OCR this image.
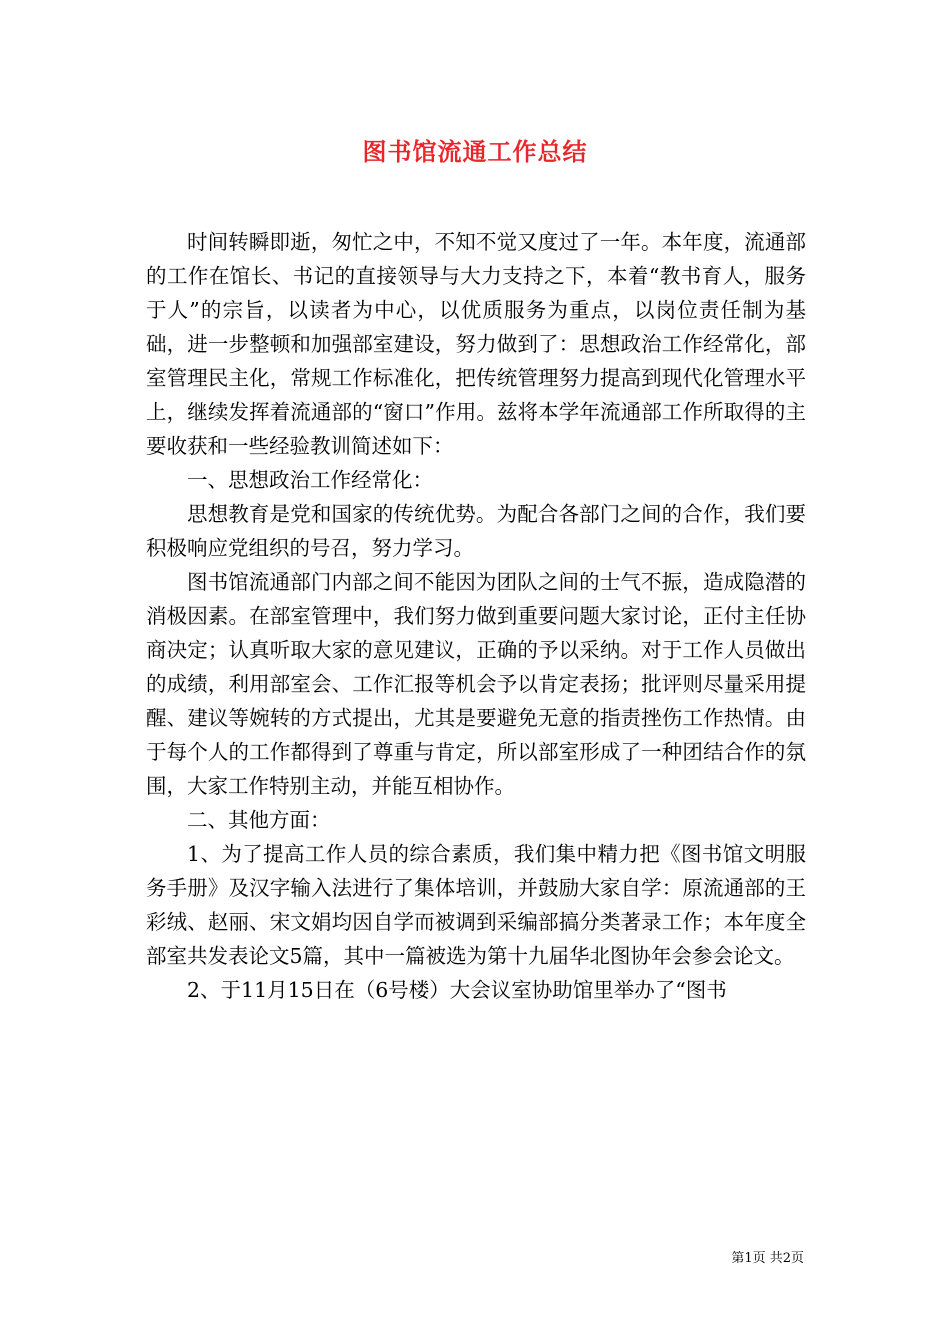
图书馆流通工作总结

时间转瞬即逝，匆忙之中，不知不觉又度过了一年。本年度，流通部的工作在馆长、书记的直接领导与大力支持之下，本着“教书育人，服务于人”的宗旨，以读者为中心，以优质服务为重点，以岗位责任制为基础，进一步整顿和加强部室建设，努力做到了：思想政治工作经常化，部室管理民主化，常规工作标准化，把传统管理努力提高到现代化管理水平上，继续发挥着流通部的“窗口”作用。兹将本学年流通部工作所取得的主要收获和一些经验教训简述如下：

一、思想政治工作经常化：

思想教育是党和国家的传统优势。为配合各部门之间的合作，我们要积极响应党组织的号召，努力学习。

图书馆流通部门内部之间不能因为团队之间的士气不振，造成隐潜的消极因素。在部室管理中，我们努力做到重要问题大家讨论，正付主任协商决定；认真听取大家的意见建议，正确的予以采纳。对于工作人员做出的成绩，利用部室会、工作汇报等机会予以肯定表扬；批评则尽量采用提醒、建议等婉转的方式提出，尤其是要避免无意的指责挫伤工作热情。由于每个人的工作都得到了尊重与肯定，所以部室形成了一种团结合作的氛围，大家工作特别主动，并能互相协作。

二、其他方面：

1、为了提高工作人员的综合素质，我们集中精力把《图书馆文明服务手册》及汉字输入法进行了集体培训，并鼓励大家自学：原流通部的王彩绒、赵丽、宋文娟均因自学而被调到采编部搞分类著录工作；本年度全部室共发表论文5篇，其中一篇被选为第十九届华北图协年会参会论文。

2、于11月15日在（6号楼）大会议室协助馆里举办了“图书

第1页 共2页
